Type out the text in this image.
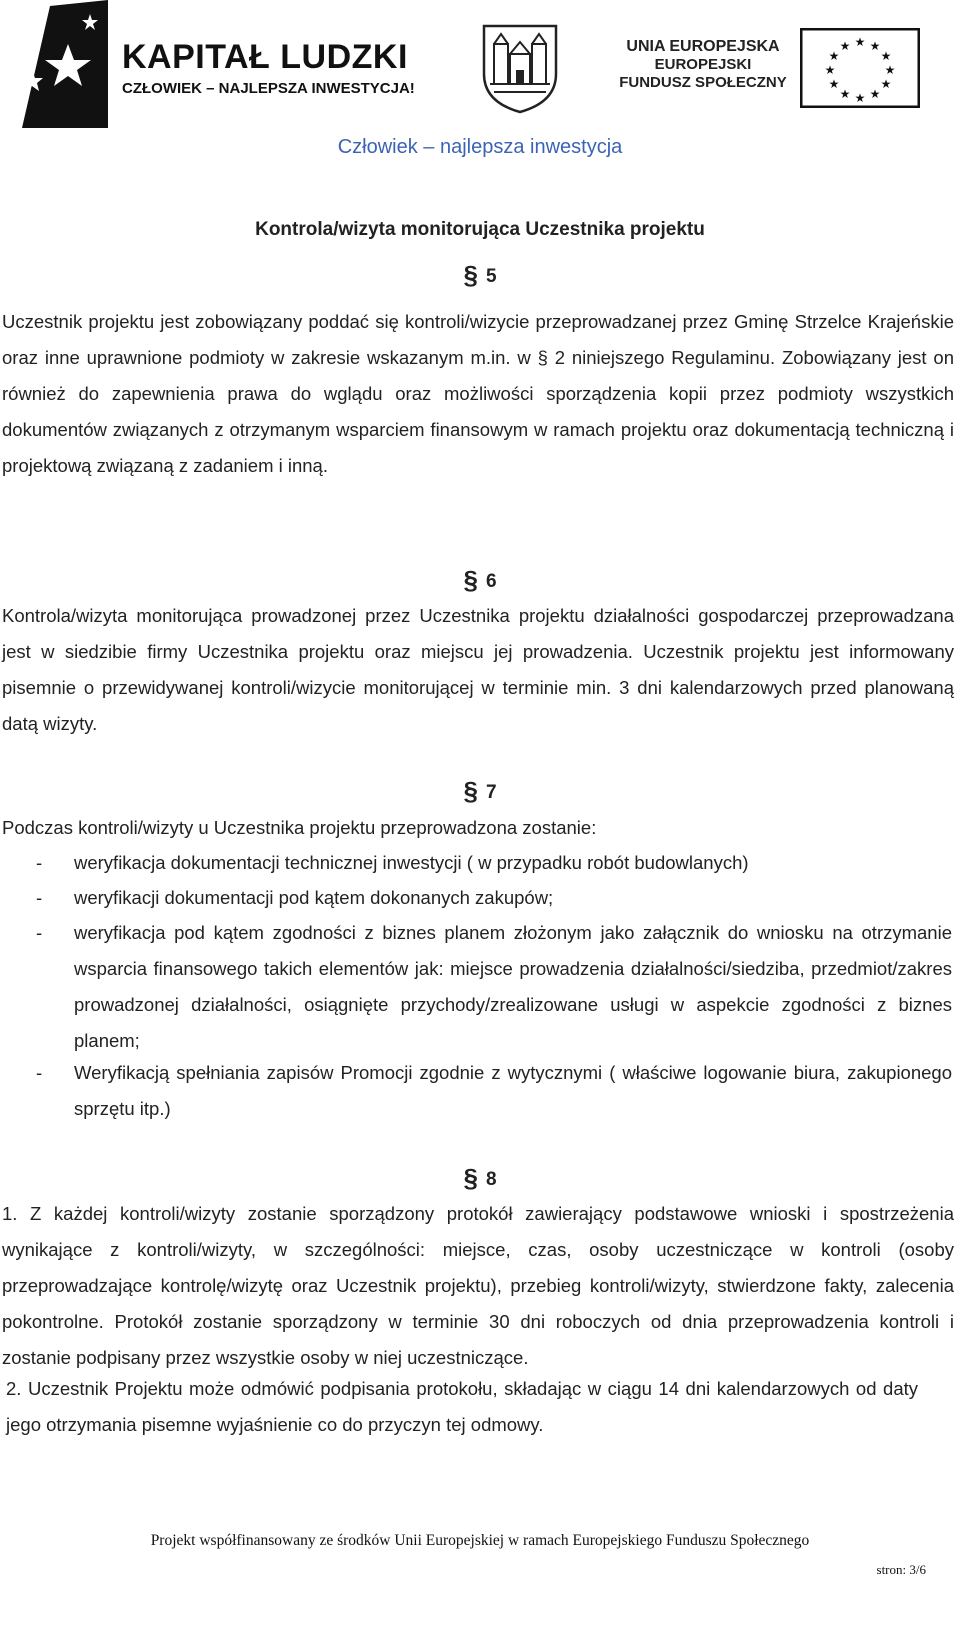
KAPITAŁ LUDZKI
CZŁOWIEK – NAJLEPSZA INWESTYCJA!
UNIA EUROPEJSKA
EUROPEJSKI
FUNDUSZ SPOŁECZNY
★ ★
★
★
★
★
★
★
★
★
★
★
Człowiek – najlepsza inwestycja
Kontrola/wizyta monitorująca Uczestnika projektu
§ 5
Uczestnik projektu jest zobowiązany poddać się kontroli/wizycie przeprowadzanej przez Gminę Strzelce Krajeńskie oraz inne uprawnione podmioty w zakresie wskazanym m.in. w § 2 niniejszego Regulaminu. Zobowiązany jest on również do zapewnienia prawa do wglądu oraz możliwości sporządzenia kopii przez podmioty wszystkich dokumentów związanych z otrzymanym wsparciem finansowym w ramach projektu oraz dokumentacją techniczną i projektową związaną z zadaniem i inną.
§ 6
Kontrola/wizyta monitorująca prowadzonej przez Uczestnika projektu działalności gospodarczej przeprowadzana jest w siedzibie firmy Uczestnika projektu oraz miejscu jej prowadzenia. Uczestnik projektu jest informowany pisemnie o przewidywanej kontroli/wizycie monitorującej w terminie min. 3 dni kalendarzowych przed planowaną datą wizyty.
§ 7
Podczas kontroli/wizyty u Uczestnika projektu przeprowadzona zostanie:
- weryfikacja dokumentacji technicznej inwestycji ( w przypadku robót budowlanych)
- weryfikacji dokumentacji pod kątem dokonanych zakupów;
- weryfikacja pod kątem zgodności z biznes planem złożonym jako załącznik do wniosku na otrzymanie wsparcia finansowego takich elementów jak: miejsce prowadzenia działalności/siedziba, przedmiot/zakres prowadzonej działalności, osiągnięte przychody/zrealizowane usługi w aspekcie zgodności z biznes planem;
- Weryfikacją spełniania zapisów Promocji zgodnie z wytycznymi ( właściwe logowanie biura, zakupionego sprzętu itp.)
§ 8
1. Z każdej kontroli/wizyty zostanie sporządzony protokół zawierający podstawowe wnioski i spostrzeżenia wynikające z kontroli/wizyty, w szczególności: miejsce, czas, osoby uczestniczące w kontroli (osoby przeprowadzające kontrolę/wizytę oraz Uczestnik projektu), przebieg kontroli/wizyty, stwierdzone fakty, zalecenia pokontrolne. Protokół zostanie sporządzony w terminie 30 dni roboczych od dnia przeprowadzenia kontroli i zostanie podpisany przez wszystkie osoby w niej uczestniczące.
2. Uczestnik Projektu może odmówić podpisania protokołu, składając w ciągu 14 dni kalendarzowych od daty jego otrzymania pisemne wyjaśnienie co do przyczyn tej odmowy.
Projekt współfinansowany ze środków Unii Europejskiej w ramach Europejskiego Funduszu Społecznego
stron: 3/6
